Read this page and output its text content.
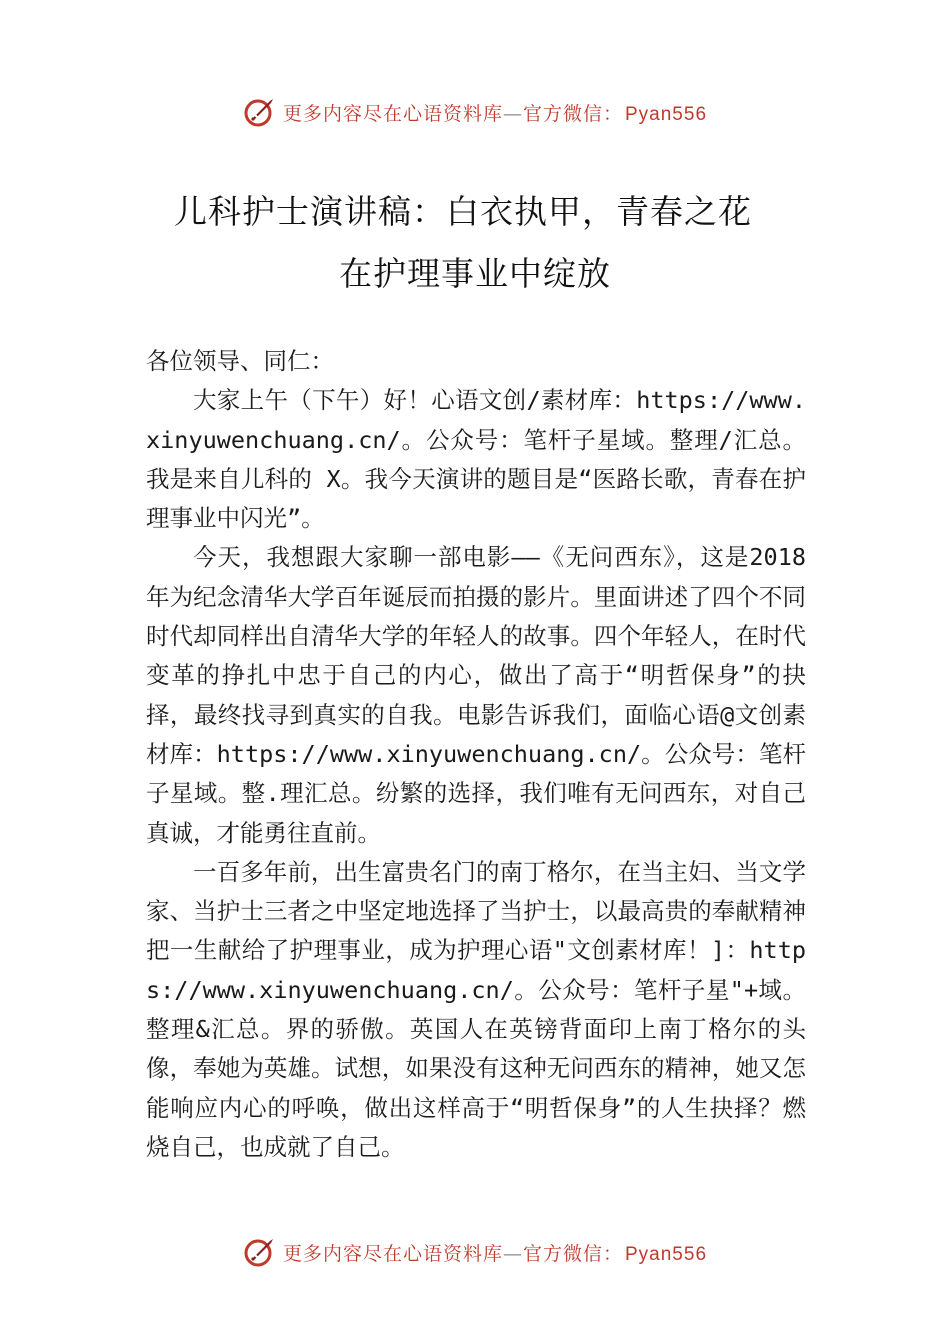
更多内容尽在心语资料库—官方微信： Pyan556
儿科护士演讲稿：白衣执甲，青春之花
在护理事业中绽放

各位领导、同仁：

大家上午（下午）好！心语文创/素材库：https://www.xinyuwenchuang.cn/。公众号：笔杆子星域。整理/汇总。我是来自儿科的 X。我今天演讲的题目是“医路长歌，青春在护理事业中闪光”。

今天，我想跟大家聊一部电影——《无问西东》，这是2018 年为纪念清华大学百年诞辰而拍摄的影片。里面讲述了四个不同时代却同样出自清华大学的年轻人的故事。四个年轻人，在时代变革的挣扎中忠于自己的内心，做出了高于“明哲保身”的抉择，最终找寻到真实的自我。电影告诉我们，面临心语@文创素材库：https://www.xinyuwenchuang.cn/。公众号：笔杆子星域。整.理汇总。纷繁的选择，我们唯有无问西东，对自己真诚，才能勇往直前。

一百多年前，出生富贵名门的南丁格尔，在当主妇、当文学家、当护士三者之中坚定地选择了当护士，以最高贵的奉献精神把一生献给了护理事业，成为护理心语"文创素材库！]：https://www.xinyuwenchuang.cn/。公众号：笔杆子星"+域。整理&汇总。界的骄傲。英国人在英镑背面印上南丁格尔的头像，奉她为英雄。试想，如果没有这种无问西东的精神，她又怎能响应内心的呼唤，做出这样高于“明哲保身”的人生抉择？燃烧自己，也成就了自己。

更多内容尽在心语资料库—官方微信： Pyan556
